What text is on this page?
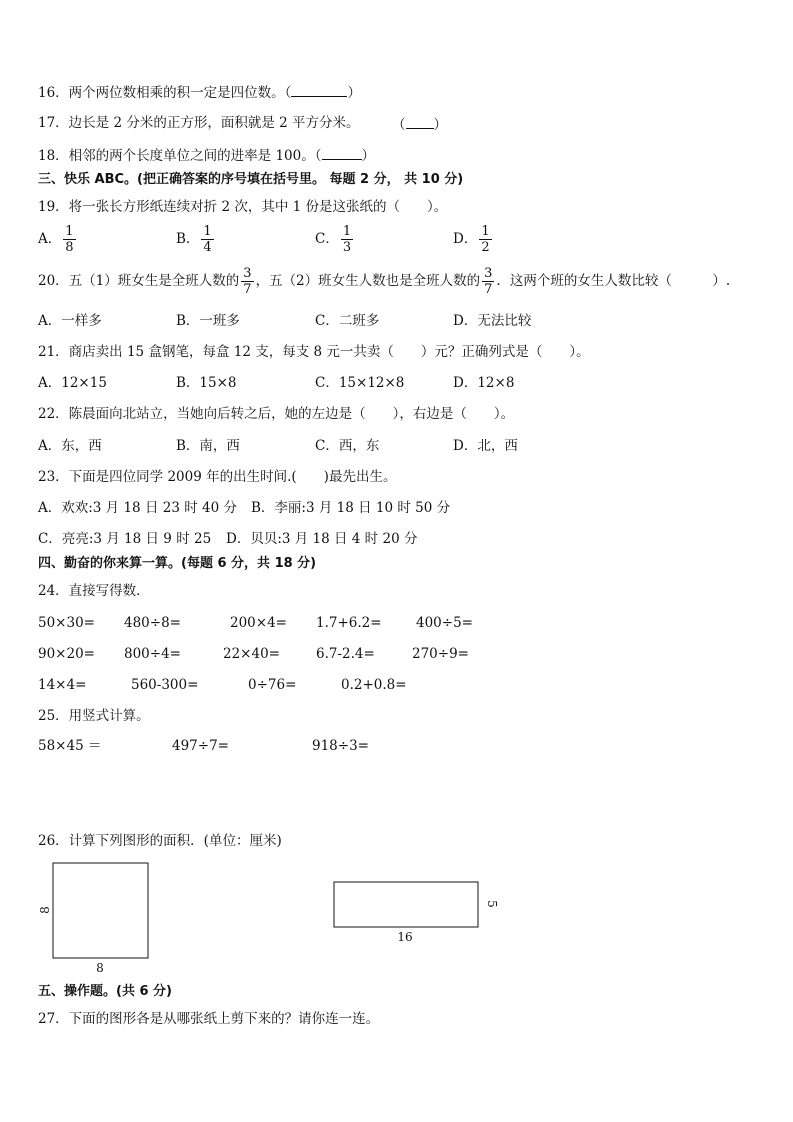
16．两个两位数相乘的积一定是四位数。（	）
17．边长是 2 分米的正方形，面积就是 2 平方分米。 （ ）
18．相邻的两个长度单位之间的进率是 100。（	）
三、快乐 ABC。(把正确答案的序号填在括号里。 每题 2 分， 共 10 分)
19．将一张长方形纸连续对折 2 次，其中 1 份是这张纸的（　　）。
A． $\frac{1}{8}$	B． $\frac{1}{4}$	C． $\frac{1}{3}$	D． $\frac{1}{2}$
20．五（1）班女生是全班人数的 $\frac{3}{7}$ ，五（2）班女生人数也是全班人数的 $\frac{3}{7}$ ．这两个班的女生人数比较（　　　）.
A．一样多	B．一班多	C．二班多	D．无法比较
21．商店卖出 15 盒钢笔，每盒 12 支，每支 8 元一共卖（　　）元？正确列式是（　　）。
A．12×15	B．15×8	C．15×12×8	D．12×8
22．陈晨面向北站立，当她向后转之后，她的左边是（　　），右边是（　　）。
A．东，西	B．南，西	C．西，东	D．北，西
23．下面是四位同学 2009 年的出生时间.(　　)最先出生。
A．欢欢:3 月 18 日 23 时 40 分 B．李丽:3 月 18 日 10 时 50 分
C．亮亮:3 月 18 日 9 时 25 D．贝贝:3 月 18 日 4 时 20 分
四、勤奋的你来算一算。(每题 6 分，共 18 分)
24．直接写得数．
50×30= 480÷8=	200×4= 1.7+6.2=	400÷5=
90×20= 800÷4=	22×40=	6.7-2.4=	270÷9=
14×4=	560-300=	0÷76=	0.2+0.8=
25．用竖式计算。
58×45 ＝	497÷7=	918÷3=
26．计算下列图形的面积．(单位：厘米)
8
8
5
16
五、操作题。(共 6 分)
27．下面的图形各是从哪张纸上剪下来的？请你连一连。
